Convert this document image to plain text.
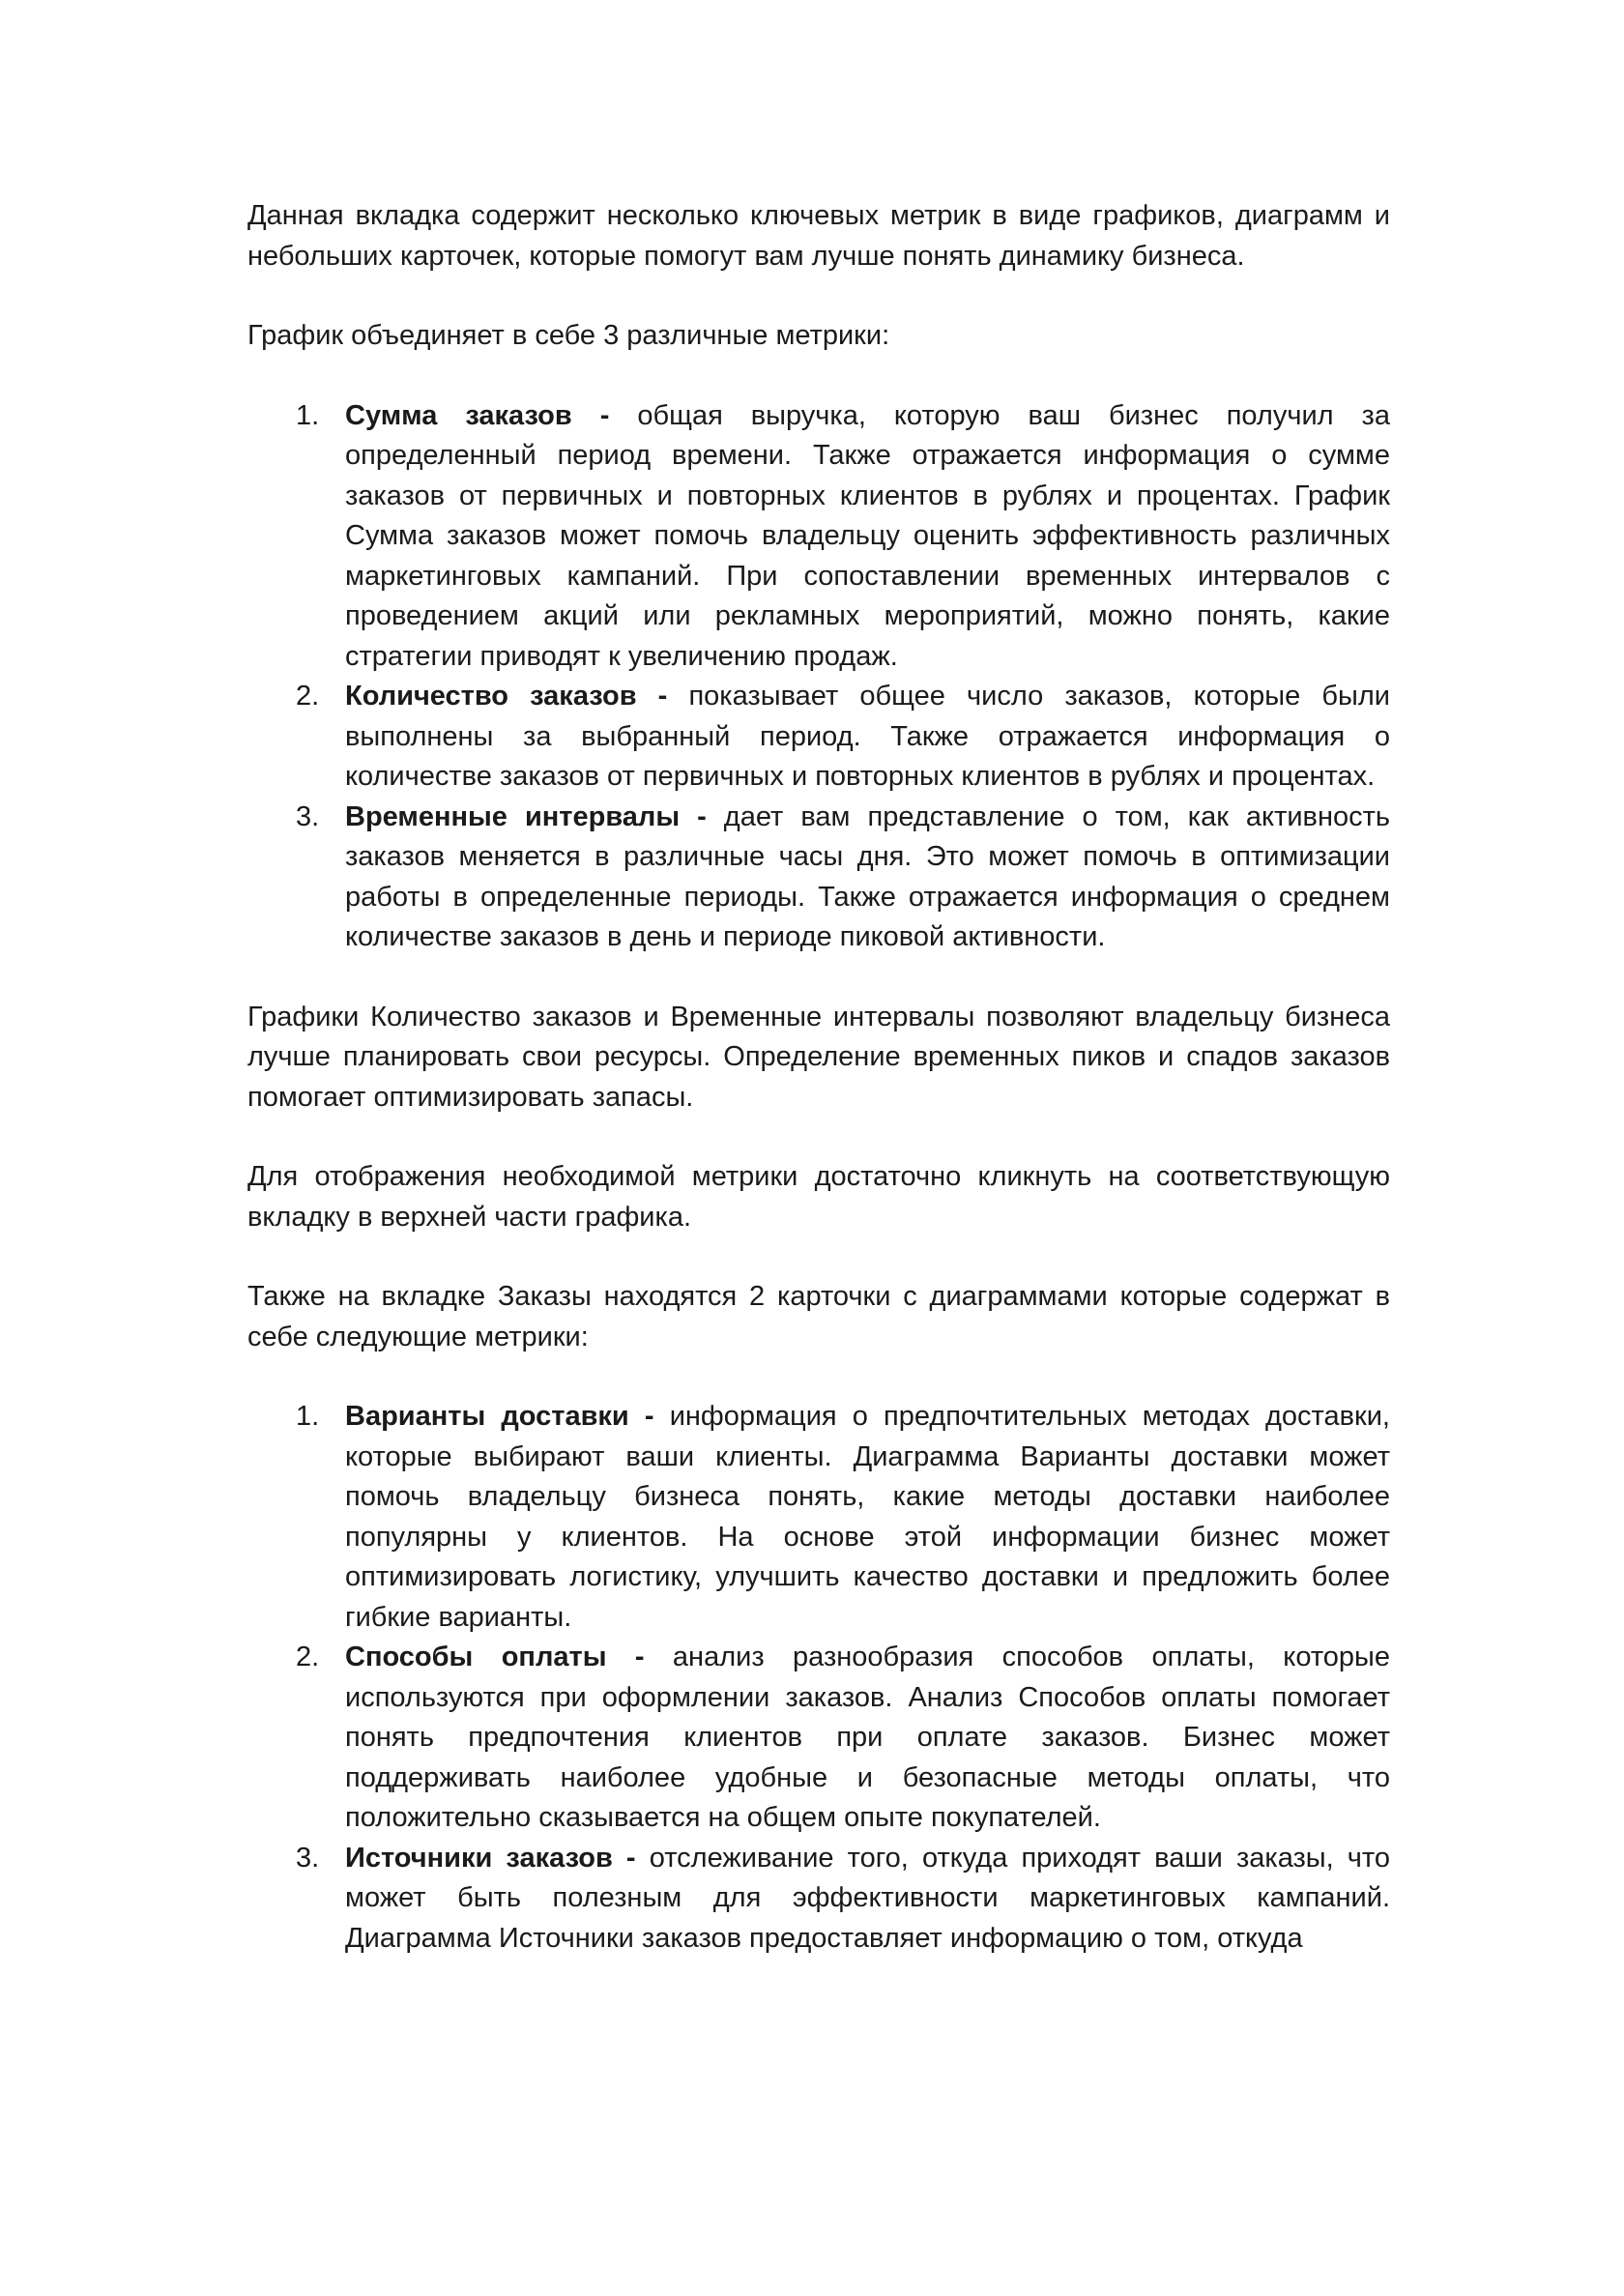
Данная вкладка содержит несколько ключевых метрик в виде графиков, диаграмм и небольших карточек, которые помогут вам лучше понять динамику бизнеса.

График объединяет в себе 3 различные метрики:

1. Сумма заказов - общая выручка, которую ваш бизнес получил за определенный период времени. Также отражается информация о сумме заказов от первичных и повторных клиентов в рублях и процентах. График Сумма заказов может помочь владельцу оценить эффективность различных маркетинговых кампаний. При сопоставлении временных интервалов с проведением акций или рекламных мероприятий, можно понять, какие стратегии приводят к увеличению продаж.
2. Количество заказов - показывает общее число заказов, которые были выполнены за выбранный период. Также отражается информация о количестве заказов от первичных и повторных клиентов в рублях и процентах.
3. Временные интервалы - дает вам представление о том, как активность заказов меняется в различные часы дня. Это может помочь в оптимизации работы в определенные периоды. Также отражается информация о среднем количестве заказов в день и периоде пиковой активности.

Графики Количество заказов и Временные интервалы позволяют владельцу бизнеса лучше планировать свои ресурсы. Определение временных пиков и спадов заказов помогает оптимизировать запасы.

Для отображения необходимой метрики достаточно кликнуть на соответствующую вкладку в верхней части графика.

Также на вкладке Заказы находятся 2 карточки с диаграммами которые содержат в себе следующие метрики:

1. Варианты доставки - информация о предпочтительных методах доставки, которые выбирают ваши клиенты. Диаграмма Варианты доставки может помочь владельцу бизнеса понять, какие методы доставки наиболее популярны у клиентов. На основе этой информации бизнес может оптимизировать логистику, улучшить качество доставки и предложить более гибкие варианты.
2. Способы оплаты - анализ разнообразия способов оплаты, которые используются при оформлении заказов. Анализ Способов оплаты помогает понять предпочтения клиентов при оплате заказов. Бизнес может поддерживать наиболее удобные и безопасные методы оплаты, что положительно сказывается на общем опыте покупателей.
3. Источники заказов - отслеживание того, откуда приходят ваши заказы, что может быть полезным для эффективности маркетинговых кампаний. Диаграмма Источники заказов предоставляет информацию о том, откуда
